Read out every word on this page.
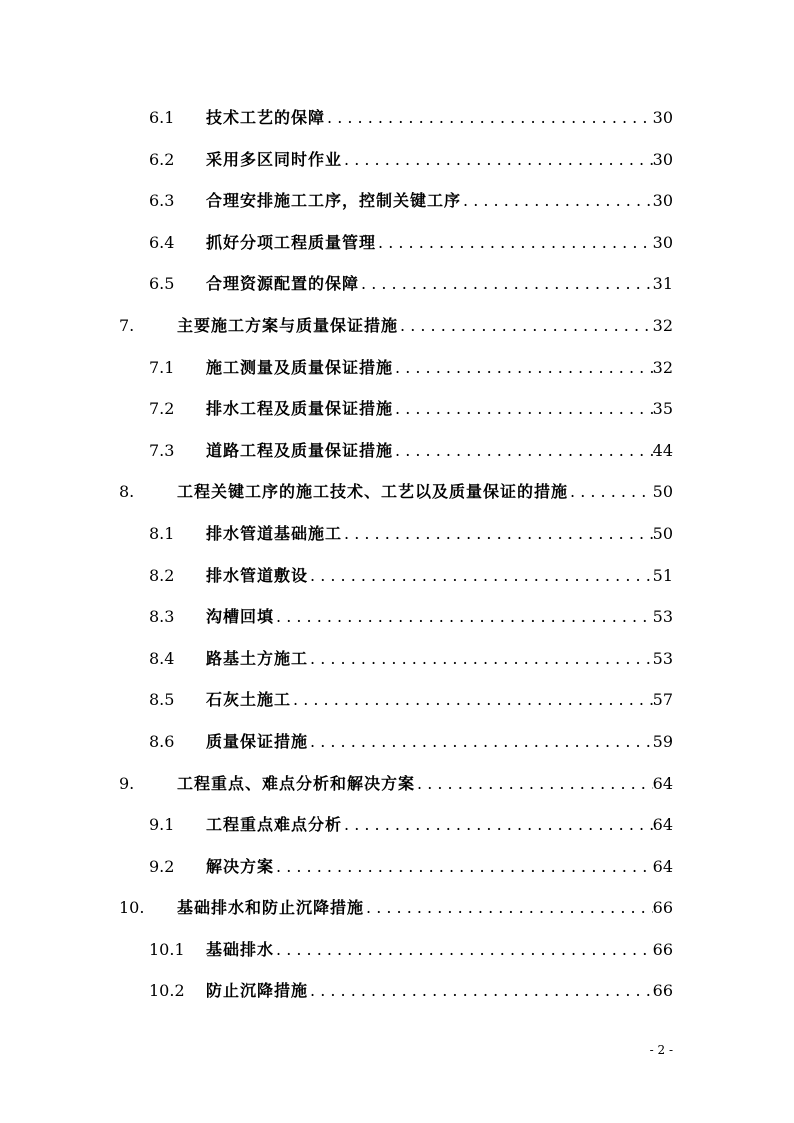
6.1 技术工艺的保障 . . .	30
6.2 采用多区同时作业 . . .	30
6.3 合理安排施工工序，控制关键工序 . . .	30
6.4 抓好分项工程质量管理 . . .	30
6.5 合理资源配置的保障 . . .	31
7.	主要施工方案与质量保证措施 . . .	32
7.1 施工测量及质量保证措施 . . .	32
7.2 排水工程及质量保证措施 . . .	35
7.3 道路工程及质量保证措施 . . .	44
8.	工程关键工序的施工技术、工艺以及质量保证的措施 . . .	50
8.1 排水管道基础施工 . . .	50
8.2 排水管道敷设 . . .	51
8.3 沟槽回填 . . .	53
8.4 路基土方施工 . . .	53
8.5 石灰土施工 . . .	57
8.6 质量保证措施 . . .	59
9.	工程重点、难点分析和解决方案 . . .	64
9.1 工程重点难点分析 . . .	64
9.2 解决方案 . . .	64
10. 基础排水和防止沉降措施 . . .	66
10.1 基础排水 . . .	66
10.2 防止沉降措施 . . .	66
- 2 -
